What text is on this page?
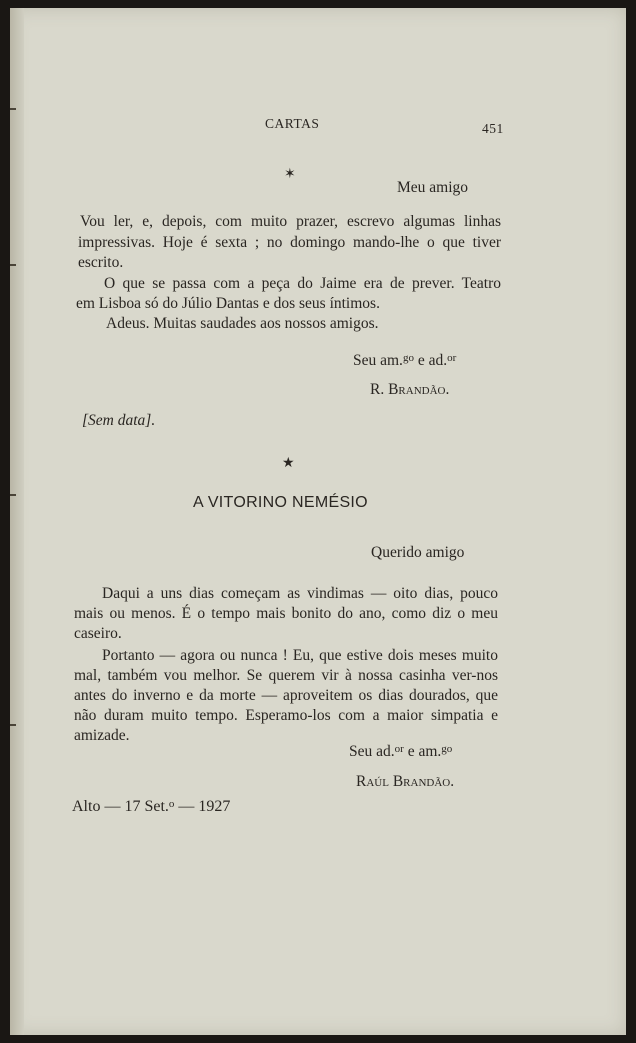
CARTAS	451
✶
Meu amigo
Vou ler, e, depois, com muito prazer, escrevo algumas linhas
impressivas. Hoje é sexta ; no domingo mando-lhe o que tiver
escrito.
O que se passa com a peça do Jaime era de prever. Teatro
em Lisboa só do Júlio Dantas e dos seus íntimos.
Adeus. Muitas saudades aos nossos amigos.
Seu am.$^{go}$ e ad.$^{or}$
R. Brandão.
[Sem data].
★
A VITORINO NEMÉSIO
Querido amigo
Daqui a uns dias começam as vindimas — oito dias, pouco
mais ou menos. É o tempo mais bonito do ano, como diz o meu
caseiro.
Portanto — agora ou nunca ! Eu, que estive dois meses muito
mal, também vou melhor. Se querem vir à nossa casinha ver-nos
antes do inverno e da morte — aproveitem os dias dourados, que
não duram muito tempo. Esperamo-los com a maior simpatia e
amizade.
Seu ad.$^{or}$ e am.$^{go}$
Raúl Brandão.
Alto — 17 Set.$^o$ — 1927
